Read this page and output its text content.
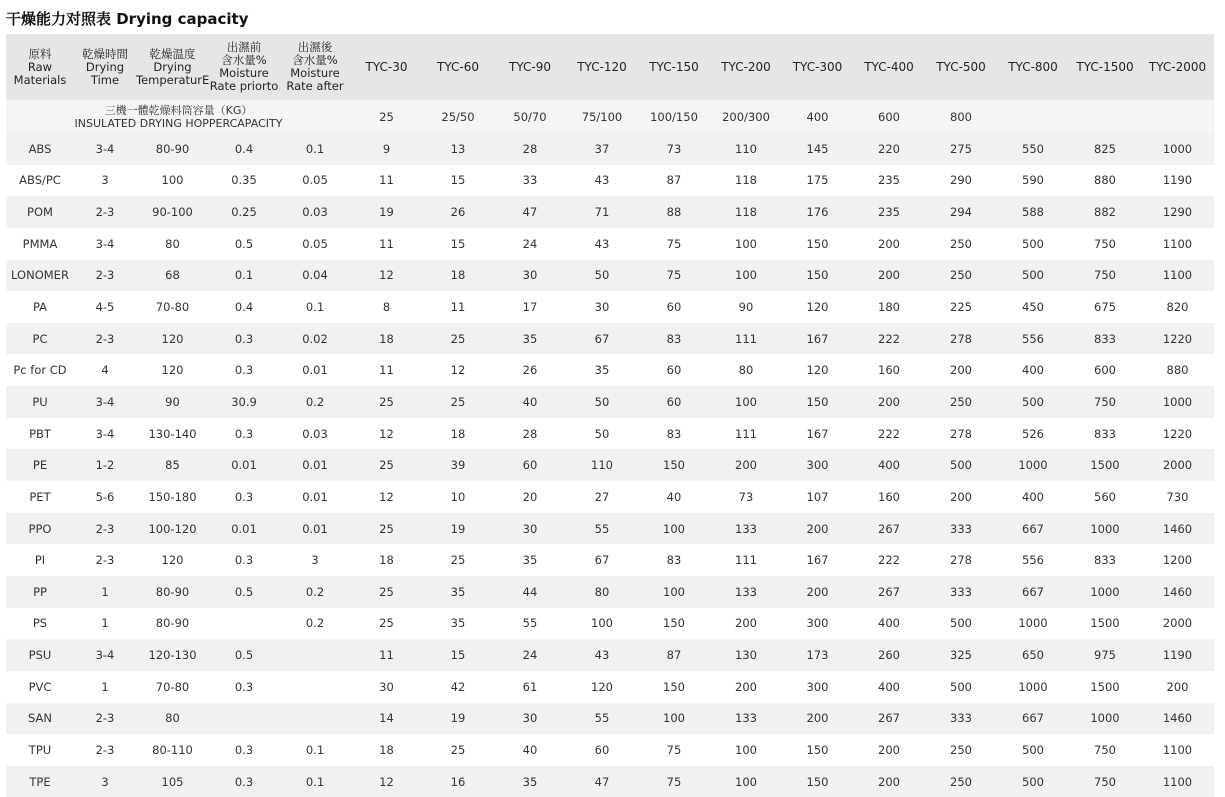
干燥能力对照表 Drying capacity
原料
Raw
Materials	乾燥時間
Drying
Time	乾燥温度
Drying
TemperaturE	出濕前
含水量%
Moisture
Rate priorto	出濕後
含水量%
Moisture
Rate after	TYC-30	TYC-60	TYC-90	TYC-120	TYC-150	TYC-200	TYC-300	TYC-400	TYC-500	TYC-800	TYC-1500	TYC-2000
三機一體乾燥料筒容量（KG）
INSULATED DRYING HOPPERCAPACITY					25	25/50	50/70	75/100	100/150	200/300	400	600	800			
ABS	3-4	80-90	0.4	0.1	9	13	28	37	73	110	145	220	275	550	825	1000
ABS/PC	3	100	0.35	0.05	11	15	33	43	87	118	175	235	290	590	880	1190
POM	2-3	90-100	0.25	0.03	19	26	47	71	88	118	176	235	294	588	882	1290
PMMA	3-4	80	0.5	0.05	11	15	24	43	75	100	150	200	250	500	750	1100
LONOMER	2-3	68	0.1	0.04	12	18	30	50	75	100	150	200	250	500	750	1100
PA	4-5	70-80	0.4	0.1	8	11	17	30	60	90	120	180	225	450	675	820
PC	2-3	120	0.3	0.02	18	25	35	67	83	111	167	222	278	556	833	1220
Pc for CD	4	120	0.3	0.01	11	12	26	35	60	80	120	160	200	400	600	880
PU	3-4	90	30.9	0.2	25	25	40	50	60	100	150	200	250	500	750	1000
PBT	3-4	130-140	0.3	0.03	12	18	28	50	83	111	167	222	278	526	833	1220
PE	1-2	85	0.01	0.01	25	39	60	110	150	200	300	400	500	1000	1500	2000
PET	5-6	150-180	0.3	0.01	12	10	20	27	40	73	107	160	200	400	560	730
PPO	2-3	100-120	0.01	0.01	25	19	30	55	100	133	200	267	333	667	1000	1460
PI	2-3	120	0.3	3	18	25	35	67	83	111	167	222	278	556	833	1200
PP	1	80-90	0.5	0.2	25	35	44	80	100	133	200	267	333	667	1000	1460
PS	1	80-90		0.2	25	35	55	100	150	200	300	400	500	1000	1500	2000
PSU	3-4	120-130	0.5		11	15	24	43	87	130	173	260	325	650	975	1190
PVC	1	70-80	0.3		30	42	61	120	150	200	300	400	500	1000	1500	200
SAN	2-3	80			14	19	30	55	100	133	200	267	333	667	1000	1460
TPU	2-3	80-110	0.3	0.1	18	25	40	60	75	100	150	200	250	500	750	1100
TPE	3	105	0.3	0.1	12	16	35	47	75	100	150	200	250	500	750	1100
